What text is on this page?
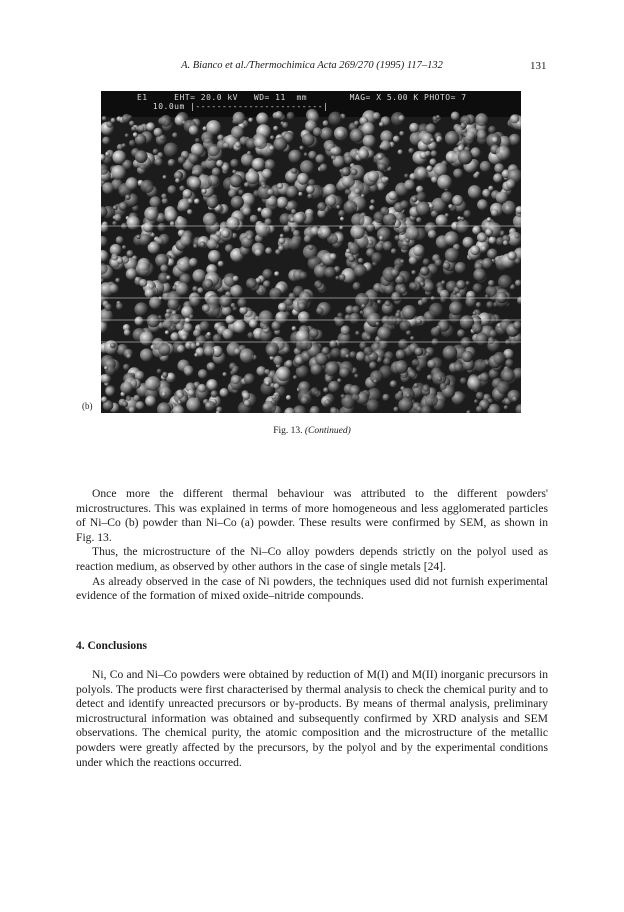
A. Bianco et al./Thermochimica Acta 269/270 (1995) 117–132	131
E1     EHT= 20.0 kV   WD= 11  mm        MAG= X 5.00 K PHOTO= 7
10.0um |------------------------|
(b)
Fig. 13. (Continued)

Once more the different thermal behaviour was attributed to the different powders' microstructures. This was explained in terms of more homogeneous and less agglomerated particles of Ni–Co (b) powder than Ni–Co (a) powder. These results were confirmed by SEM, as shown in Fig. 13.

Thus, the microstructure of the Ni–Co alloy powders depends strictly on the polyol used as reaction medium, as observed by other authors in the case of single metals [24].

As already observed in the case of Ni powders, the techniques used did not furnish experimental evidence of the formation of mixed oxide–nitride compounds.

4. Conclusions

Ni, Co and Ni–Co powders were obtained by reduction of M(I) and M(II) inorganic precursors in polyols. The products were first characterised by thermal analysis to check the chemical purity and to detect and identify unreacted precursors or by-products. By means of thermal analysis, preliminary microstructural information was obtained and subsequently confirmed by XRD analysis and SEM observations. The chemical purity, the atomic composition and the microstructure of the metallic powders were greatly affected by the precursors, by the polyol and by the experimental conditions under which the reactions occurred.
